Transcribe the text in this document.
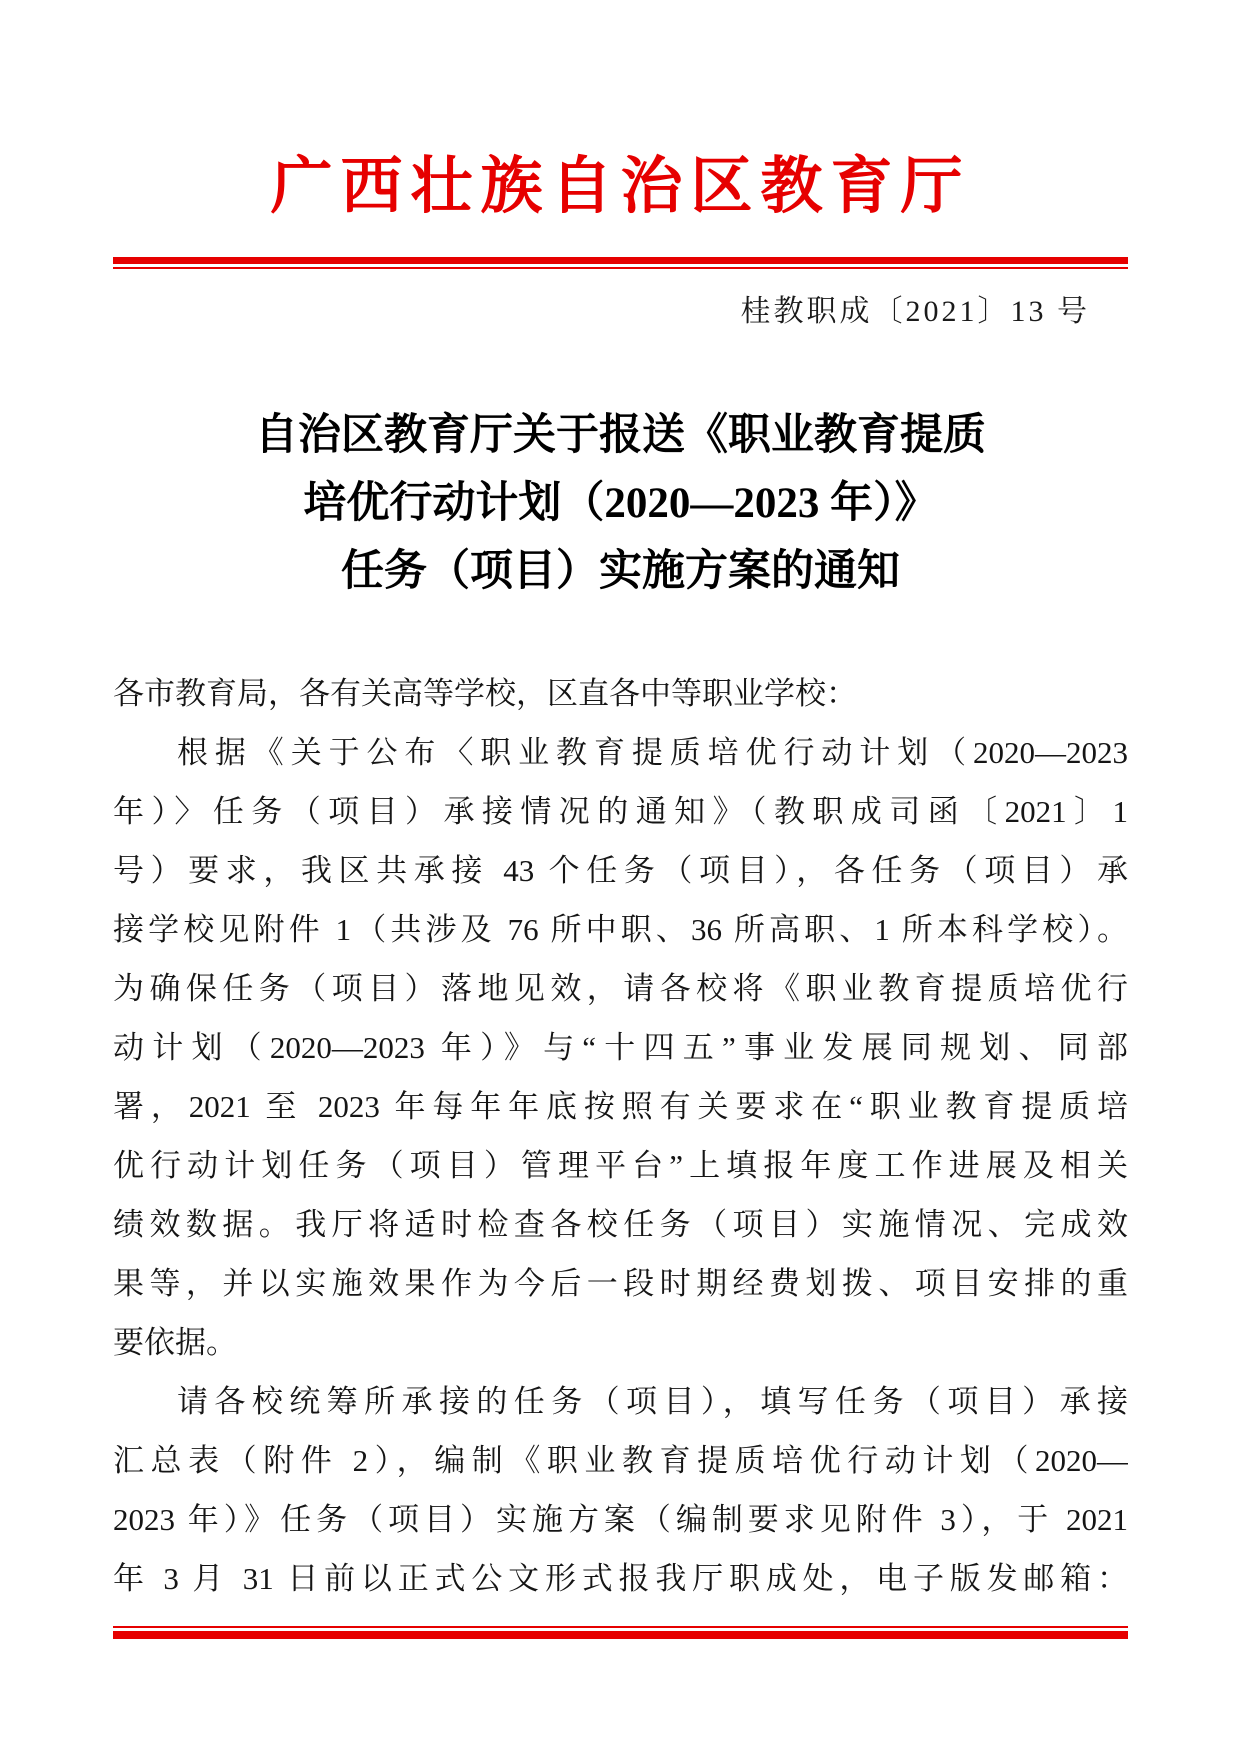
广西壮族自治区教育厅
桂教职成〔2021〕13 号
自治区教育厅关于报送《职业教育提质
培优行动计划（2020—2023 年）》
任务（项目）实施方案的通知
各市教育局，各有关高等学校，区直各中等职业学校：
根据《关于公布〈职业教育提质培优行动计划（2020—2023
年）〉任务（项目）承接情况的通知》（教职成司函〔2021〕1
号）要求，我区共承接 43 个任务（项目），各任务（项目）承
接学校见附件 1（共涉及 76 所中职、36 所高职、1 所本科学校）。
为确保任务（项目）落地见效，请各校将《职业教育提质培优行
动计划（2020—2023 年）》与“十四五”事业发展同规划、同部
署，2021 至 2023 年每年年底按照有关要求在“职业教育提质培
优行动计划任务（项目）管理平台”上填报年度工作进展及相关
绩效数据。我厅将适时检查各校任务（项目）实施情况、完成效
果等，并以实施效果作为今后一段时期经费划拨、项目安排的重
要依据。
请各校统筹所承接的任务（项目），填写任务（项目）承接
汇总表（附件 2），编制《职业教育提质培优行动计划（2020—
2023 年）》任务（项目）实施方案（编制要求见附件 3），于 2021
年 3 月 31 日前以正式公文形式报我厅职成处，电子版发邮箱：
